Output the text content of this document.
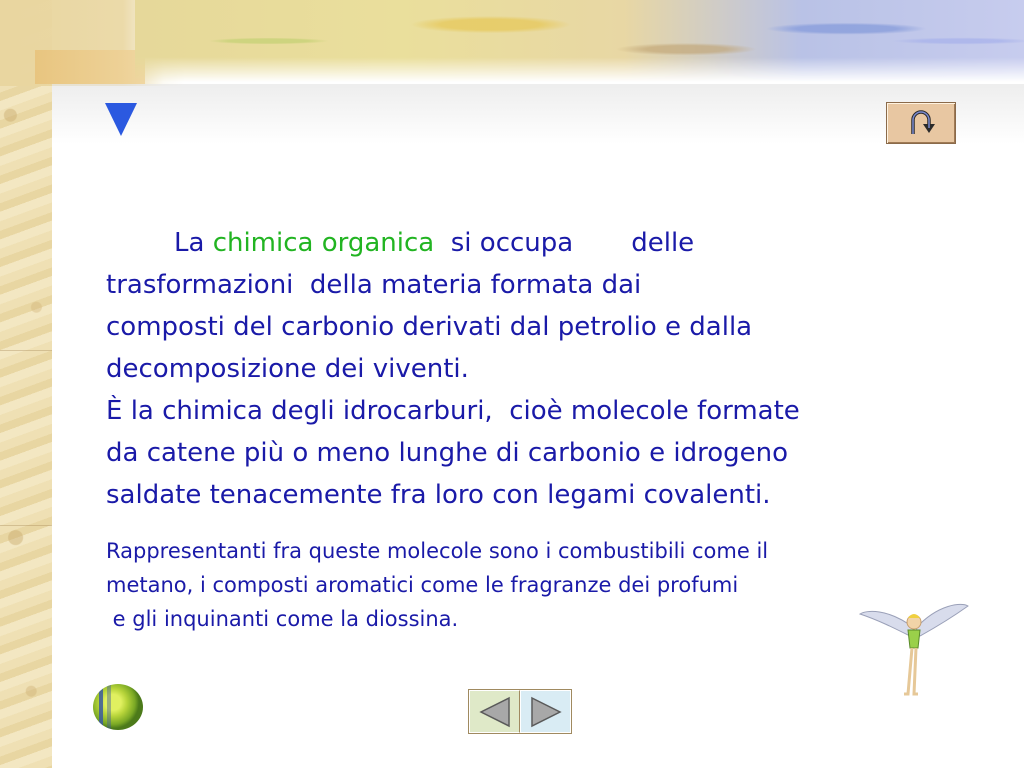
La chimica organica si occupa delle
trasformazioni  della materia formata dai
composti del carbonio derivati dal petrolio e dalla
decomposizione dei viventi.
È la chimica degli idrocarburi,  cioè molecole formate
da catene più o meno lunghe di carbonio e idrogeno
saldate tenacemente fra loro con legami covalenti.

Rappresentanti fra queste molecole sono i combustibili come il
metano, i composti aromatici come le fragranze dei profumi
e gli inquinanti come la diossina.
